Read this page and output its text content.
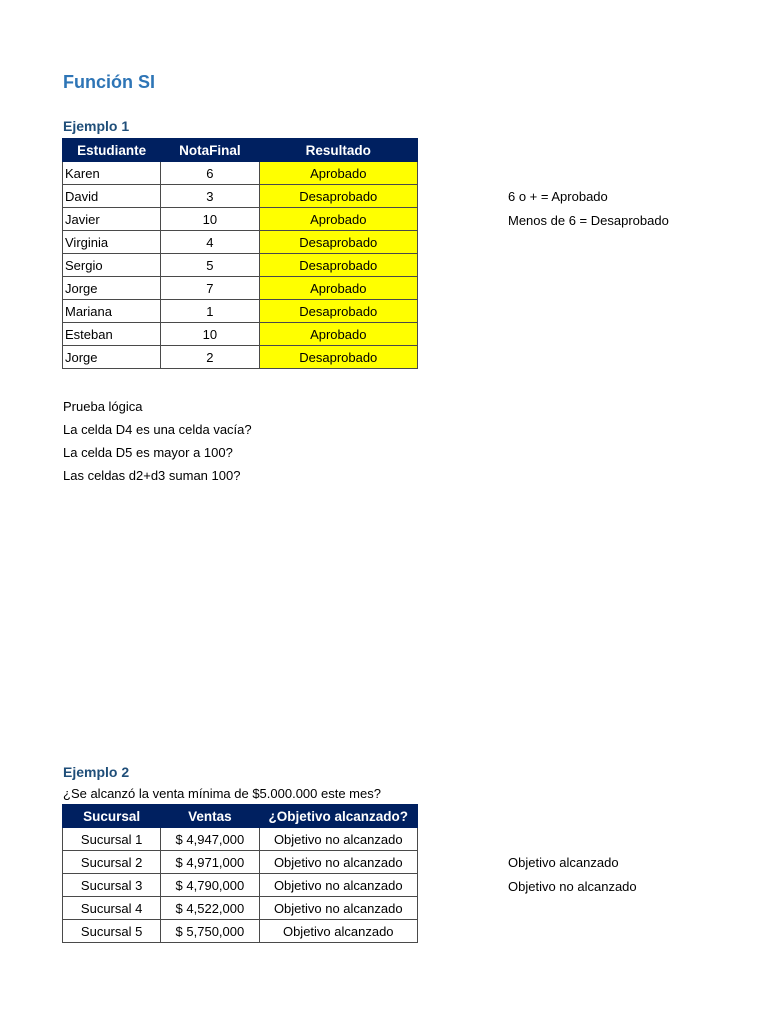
Función SI
Ejemplo 1
Estudiante	NotaFinal	Resultado
Karen	6	Aprobado
David	3	Desaprobado
Javier	10	Aprobado
Virginia	4	Desaprobado
Sergio	5	Desaprobado
Jorge	7	Aprobado
Mariana	1	Desaprobado
Esteban	10	Aprobado
Jorge	2	Desaprobado
6 o + = Aprobado
Menos de 6 = Desaprobado
Prueba lógica
La celda D4 es una celda vacía?
La celda D5 es mayor a 100?
Las celdas d2+d3 suman 100?
Ejemplo 2
¿Se alcanzó la venta mínima de $5.000.000 este mes?
Sucursal	Ventas	¿Objetivo alcanzado?
Sucursal 1	$ 4,947,000	Objetivo no alcanzado
Sucursal 2	$ 4,971,000	Objetivo no alcanzado
Sucursal 3	$ 4,790,000	Objetivo no alcanzado
Sucursal 4	$ 4,522,000	Objetivo no alcanzado
Sucursal 5	$ 5,750,000	Objetivo alcanzado
Objetivo alcanzado
Objetivo no alcanzado
